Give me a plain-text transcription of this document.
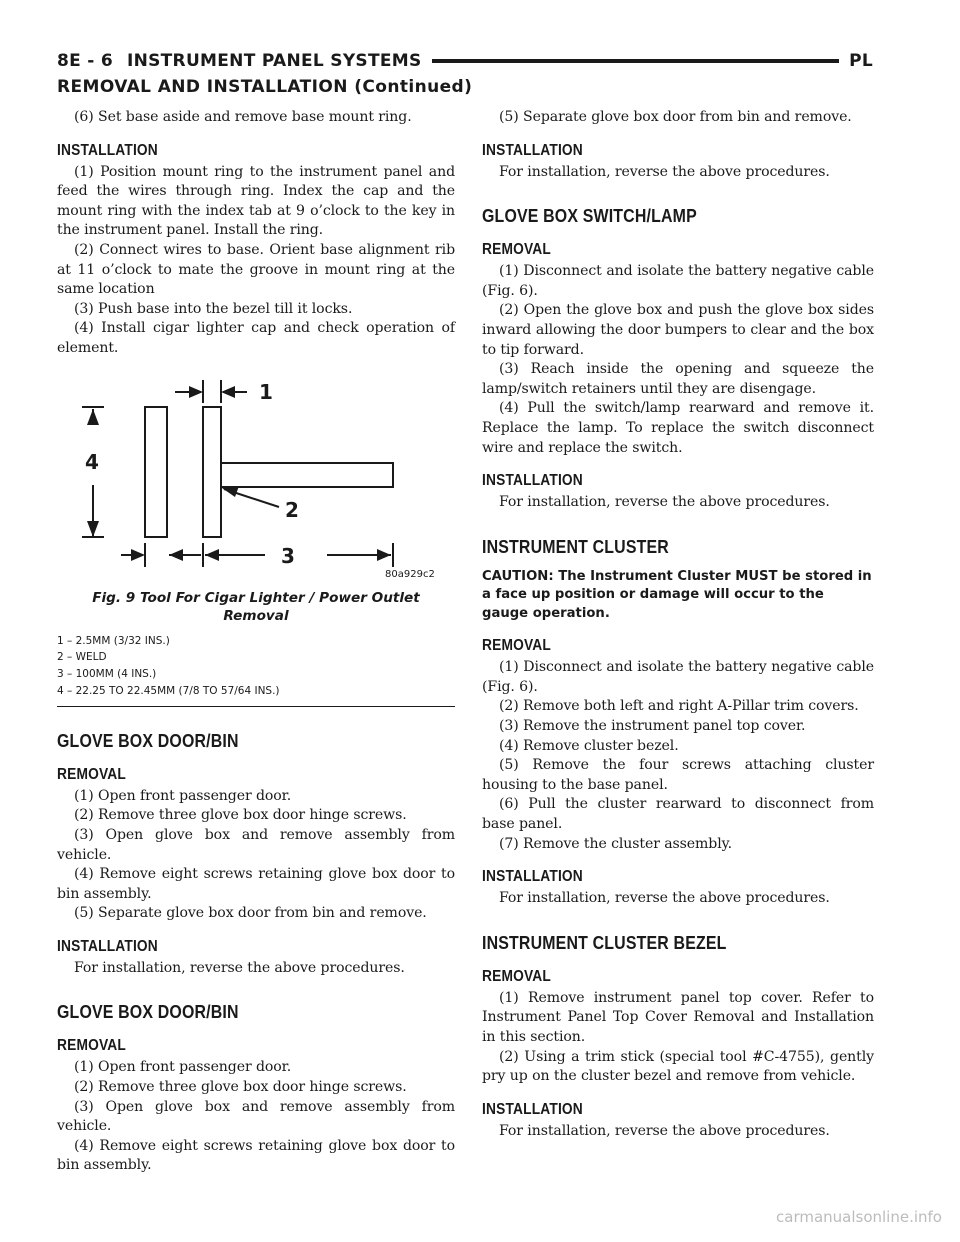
8E - 6 INSTRUMENT PANEL SYSTEMS	PL
REMOVAL AND INSTALLATION (Continued)

(6) Set base aside and remove base mount ring.

INSTALLATION

(1) Position mount ring to the instrument panel and feed the wires through ring. Index the cap and the mount ring with the index tab at 9 o’clock to the key in the instrument panel. Install the ring.

(2) Connect wires to base. Orient base alignment rib at 11 o’clock to mate the groove in mount ring at the same location

(3) Push base into the bezel till it locks.

(4) Install cigar lighter cap and check operation of element.

1
2
3
4
80a929c2
Fig. 9 Tool For Cigar Lighter / Power Outlet
Removal
1 – 2.5MM (3/32 INS.)
2 – WELD
3 – 100MM (4 INS.)
4 – 22.25 TO 22.45MM (7/8 TO 57/64 INS.)
GLOVE BOX DOOR/BIN
REMOVAL

(1) Open front passenger door.

(2) Remove three glove box door hinge screws.

(3) Open glove box and remove assembly from vehicle.

(4) Remove eight screws retaining glove box door to bin assembly.

(5) Separate glove box door from bin and remove.

INSTALLATION

For installation, reverse the above procedures.

GLOVE BOX DOOR/BIN
REMOVAL

(1) Open front passenger door.

(2) Remove three glove box door hinge screws.

(3) Open glove box and remove assembly from vehicle.

(4) Remove eight screws retaining glove box door to bin assembly.

(5) Separate glove box door from bin and remove.

INSTALLATION

For installation, reverse the above procedures.

GLOVE BOX SWITCH/LAMP
REMOVAL

(1) Disconnect and isolate the battery negative cable (Fig. 6).

(2) Open the glove box and push the glove box sides inward allowing the door bumpers to clear and the box to tip forward.

(3) Reach inside the opening and squeeze the lamp/switch retainers until they are disengage.

(4) Pull the switch/lamp rearward and remove it. Replace the lamp. To replace the switch disconnect wire and replace the switch.

INSTALLATION

For installation, reverse the above procedures.

INSTRUMENT CLUSTER

CAUTION: The Instrument Cluster MUST be stored in a face up position or damage will occur to the gauge operation.

REMOVAL

(1) Disconnect and isolate the battery negative cable (Fig. 6).

(2) Remove both left and right A-Pillar trim covers.

(3) Remove the instrument panel top cover.

(4) Remove cluster bezel.

(5) Remove the four screws attaching cluster housing to the base panel.

(6) Pull the cluster rearward to disconnect from base panel.

(7) Remove the cluster assembly.

INSTALLATION

For installation, reverse the above procedures.

INSTRUMENT CLUSTER BEZEL
REMOVAL

(1) Remove instrument panel top cover. Refer to Instrument Panel Top Cover Removal and Installation in this section.

(2) Using a trim stick (special tool #C-4755), gently pry up on the cluster bezel and remove from vehicle.

INSTALLATION

For installation, reverse the above procedures.

carmanualsonline.info
